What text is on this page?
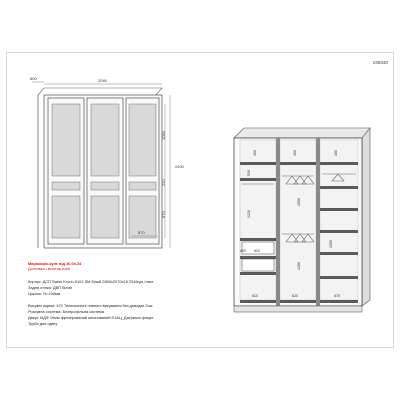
195640
600	2040
2400
1050
220
670
570
400	400	400
530
1220
2000
1200
400 620
1050
610	620	670
Марішафо-купе від 30.04.24
Доставка і монтаж Київ
Корпус: ДСП Swiss Krono К101 SM білий 2800х2070х18 2316грн./лист
Задня стінка: ДВП білий
Цоколь: Н=100мм
Висувні ящики: 470 Телескопічні повного висування без доводки 2шт.
Розсувна система: Безпрофільна система
Двері: МДФ 19мм фрезерований шпонований Е1АЦ_Дзеркало фацет
Труби для одягу
